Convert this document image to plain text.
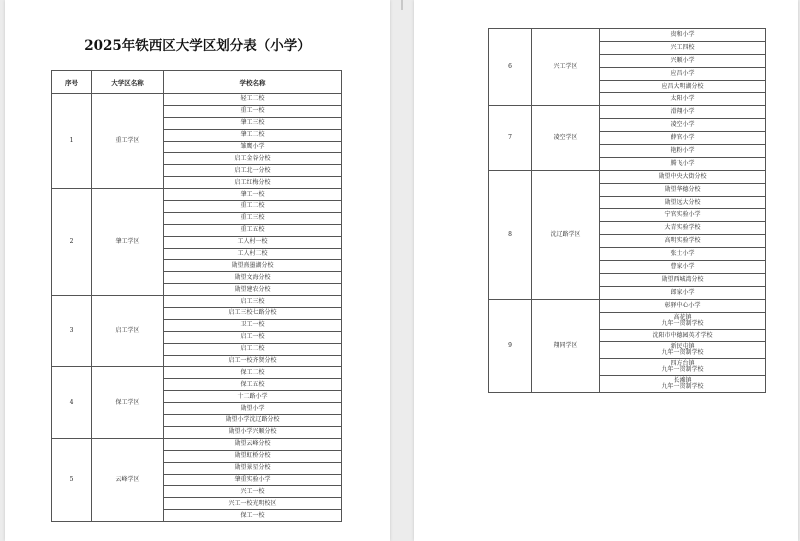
2025年铁西区大学区划分表（小学）
序号	大学区名称	学校名称
1	重工学区	轻工二校
		重工一校
		肇工三校
		肇工二校
		雏鹰小学
		启工金谷分校
		启工北一分校
		启工红梅分校
2	肇工学区	肇工一校
		重工二校
		重工三校
		重工五校
		工人村一校
		工人村二校
		勋望熹墨湖分校
		勋望文海分校
		勋望建农分校
3	启工学区	启工三校
		启工三校七路分校
		卫工一校
		启工一校
		启工二校
		启工一校齐贤分校
4	保工学区	保工二校
		保工五校
		十二路小学
		勋望小学
		勋望小学沈辽路分校
		勋望小学兴顺分校
5	云峰学区	勋望云峰分校
		勋望虹桥分校
		勋望景星分校
		肇重实验小学
		兴工一校
		兴工一校光明校区
		保工一校
6	兴工学区	贵和小学
		兴工四校
		兴顺小学
		应昌小学
		应昌大明湖分校
		太阳小学
7	凌空学区	滑翔小学
		凌空小学
		薛官小学
		艳粉小学
		腾飞小学
8	沈辽路学区	勋望中央大街分校
		勋望华德分校
		勋望远大分校
		宁官实验小学
		大青实验学校
		高明实验学校
		张士小学
		曹家小学
		勋望西城湾分校
		郎家小学
9	翔同学区	彰驿中心小学
		高花镇
九年一贯制学校
		沈阳市中德园英才学校
		新民屯镇
九年一贯制学校
		四方台镇
九年一贯制学校
		长滩镇
九年一贯制学校
